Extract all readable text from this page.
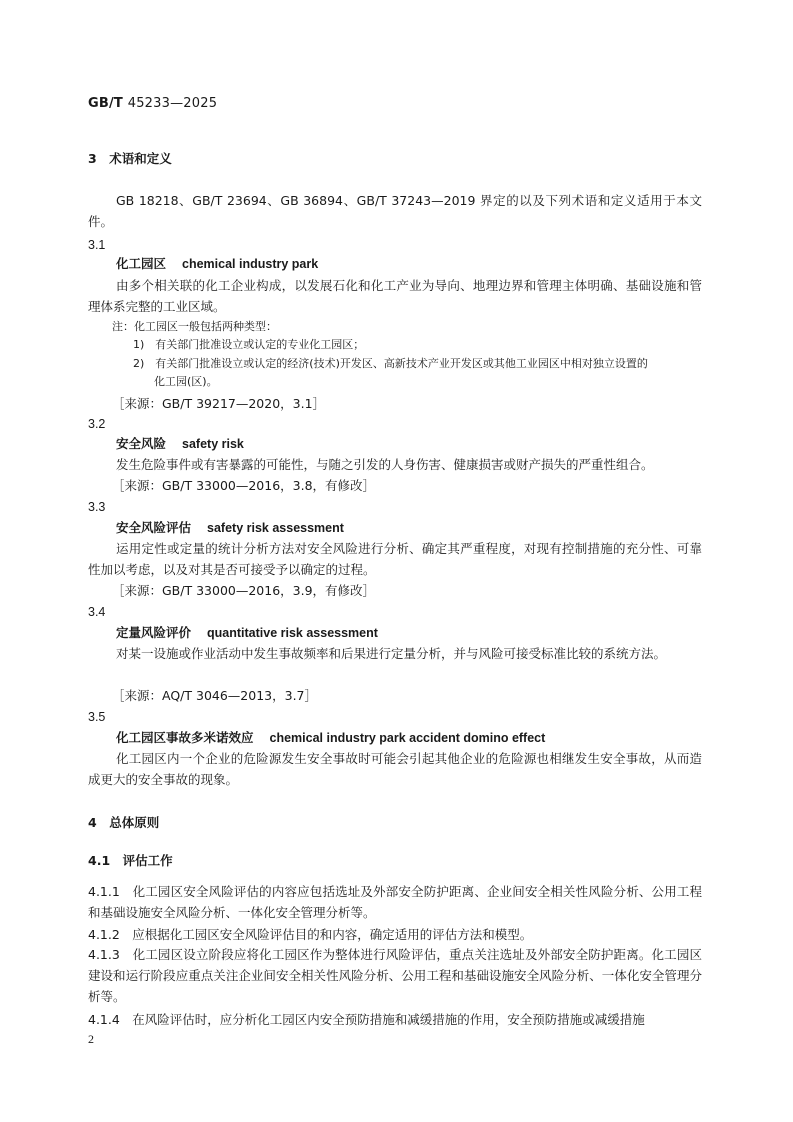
GB/T 45233—2025
3　术语和定义
GB 18218、GB/T 23694、GB 36894、GB/T 37243—2019 界定的以及下列术语和定义适用于本文件。
3.1
化工园区 chemical industry park
由多个相关联的化工企业构成，以发展石化和化工产业为导向、地理边界和管理主体明确、基础设施和管理体系完整的工业区域。
注：化工园区一般包括两种类型：
1)　有关部门批准设立或认定的专业化工园区；
2)　有关部门批准设立或认定的经济(技术)开发区、高新技术产业开发区或其他工业园区中相对独立设置的
化工园(区)。
［来源：GB/T 39217—2020，3.1］
3.2
安全风险 safety risk
发生危险事件或有害暴露的可能性，与随之引发的人身伤害、健康损害或财产损失的严重性组合。
［来源：GB/T 33000—2016，3.8，有修改］
3.3
安全风险评估 safety risk assessment
运用定性或定量的统计分析方法对安全风险进行分析、确定其严重程度，对现有控制措施的充分性、可靠性加以考虑，以及对其是否可接受予以确定的过程。
［来源：GB/T 33000—2016，3.9，有修改］
3.4
定量风险评价 quantitative risk assessment
对某一设施或作业活动中发生事故频率和后果进行定量分析，并与风险可接受标准比较的系统方法。
［来源：AQ/T 3046—2013，3.7］
3.5
化工园区事故多米诺效应 chemical industry park accident domino effect
化工园区内一个企业的危险源发生安全事故时可能会引起其他企业的危险源也相继发生安全事故，从而造成更大的安全事故的现象。
4　总体原则
4.1　评估工作
4.1.1　化工园区安全风险评估的内容应包括选址及外部安全防护距离、企业间安全相关性风险分析、公用工程和基础设施安全风险分析、一体化安全管理分析等。
4.1.2　应根据化工园区安全风险评估目的和内容，确定适用的评估方法和模型。
4.1.3　化工园区设立阶段应将化工园区作为整体进行风险评估，重点关注选址及外部安全防护距离。化工园区建设和运行阶段应重点关注企业间安全相关性风险分析、公用工程和基础设施安全风险分析、一体化安全管理分析等。
4.1.4　在风险评估时，应分析化工园区内安全预防措施和减缓措施的作用，安全预防措施或减缓措施
2
